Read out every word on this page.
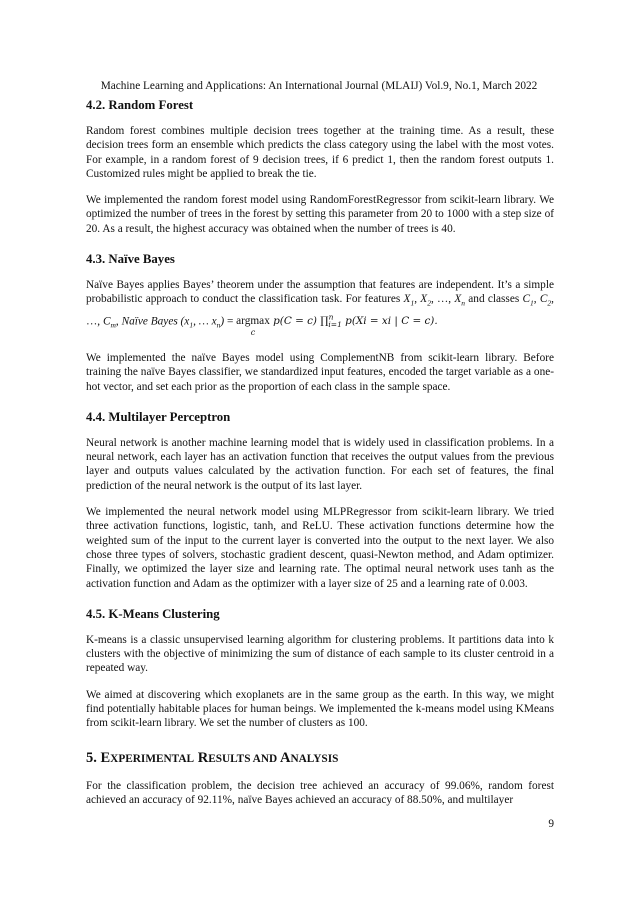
Machine Learning and Applications: An International Journal (MLAIJ) Vol.9, No.1, March 2022
4.2. Random Forest

Random forest combines multiple decision trees together at the training time. As a result, these decision trees form an ensemble which predicts the class category using the label with the most votes. For example, in a random forest of 9 decision trees, if 6 predict 1, then the random forest outputs 1. Customized rules might be applied to break the tie.

We implemented the random forest model using RandomForestRegressor from scikit-learn library. We optimized the number of trees in the forest by setting this parameter from 20 to 1000 with a step size of 20. As a result, the highest accuracy was obtained when the number of trees is 40.

4.3. Naïve Bayes

Naïve Bayes applies Bayes’ theorem under the assumption that features are independent. It’s a simple probabilistic approach to conduct the classification task. For features $X_1$, $X_2$, …, $X_n$ and classes $C_1$, $C_2$, …, $C_m$, Naïve Bayes ($x_1$, … $x_n) = argmax$
c
p(C = c) ∏$^n_{i=1}$ p(Xi = xi | C = c).

We implemented the naïve Bayes model using ComplementNB from scikit-learn library. Before training the naïve Bayes classifier, we standardized input features, encoded the target variable as a one-hot vector, and set each prior as the proportion of each class in the sample space.

4.4. Multilayer Perceptron

Neural network is another machine learning model that is widely used in classification problems. In a neural network, each layer has an activation function that receives the output values from the previous layer and outputs values calculated by the activation function. For each set of features, the final prediction of the neural network is the output of its last layer.

We implemented the neural network model using MLPRegressor from scikit-learn library. We tried three activation functions, logistic, tanh, and ReLU. These activation functions determine how the weighted sum of the input to the current layer is converted into the output to the next layer. We also chose three types of solvers, stochastic gradient descent, quasi-Newton method, and Adam optimizer. Finally, we optimized the layer size and learning rate. The optimal neural network uses tanh as the activation function and Adam as the optimizer with a layer size of 25 and a learning rate of 0.003.

4.5. K-Means Clustering

K-means is a classic unsupervised learning algorithm for clustering problems. It partitions data into k clusters with the objective of minimizing the sum of distance of each sample to its cluster centroid in a repeated way.

We aimed at discovering which exoplanets are in the same group as the earth. In this way, we might find potentially habitable places for human beings. We implemented the k-means model using KMeans from scikit-learn library. We set the number of clusters as 100.

5. EXPERIMENTAL RESULTS AND ANALYSIS

For the classification problem, the decision tree achieved an accuracy of 99.06%, random forest achieved an accuracy of 92.11%, naïve Bayes achieved an accuracy of 88.50%, and multilayer

9
